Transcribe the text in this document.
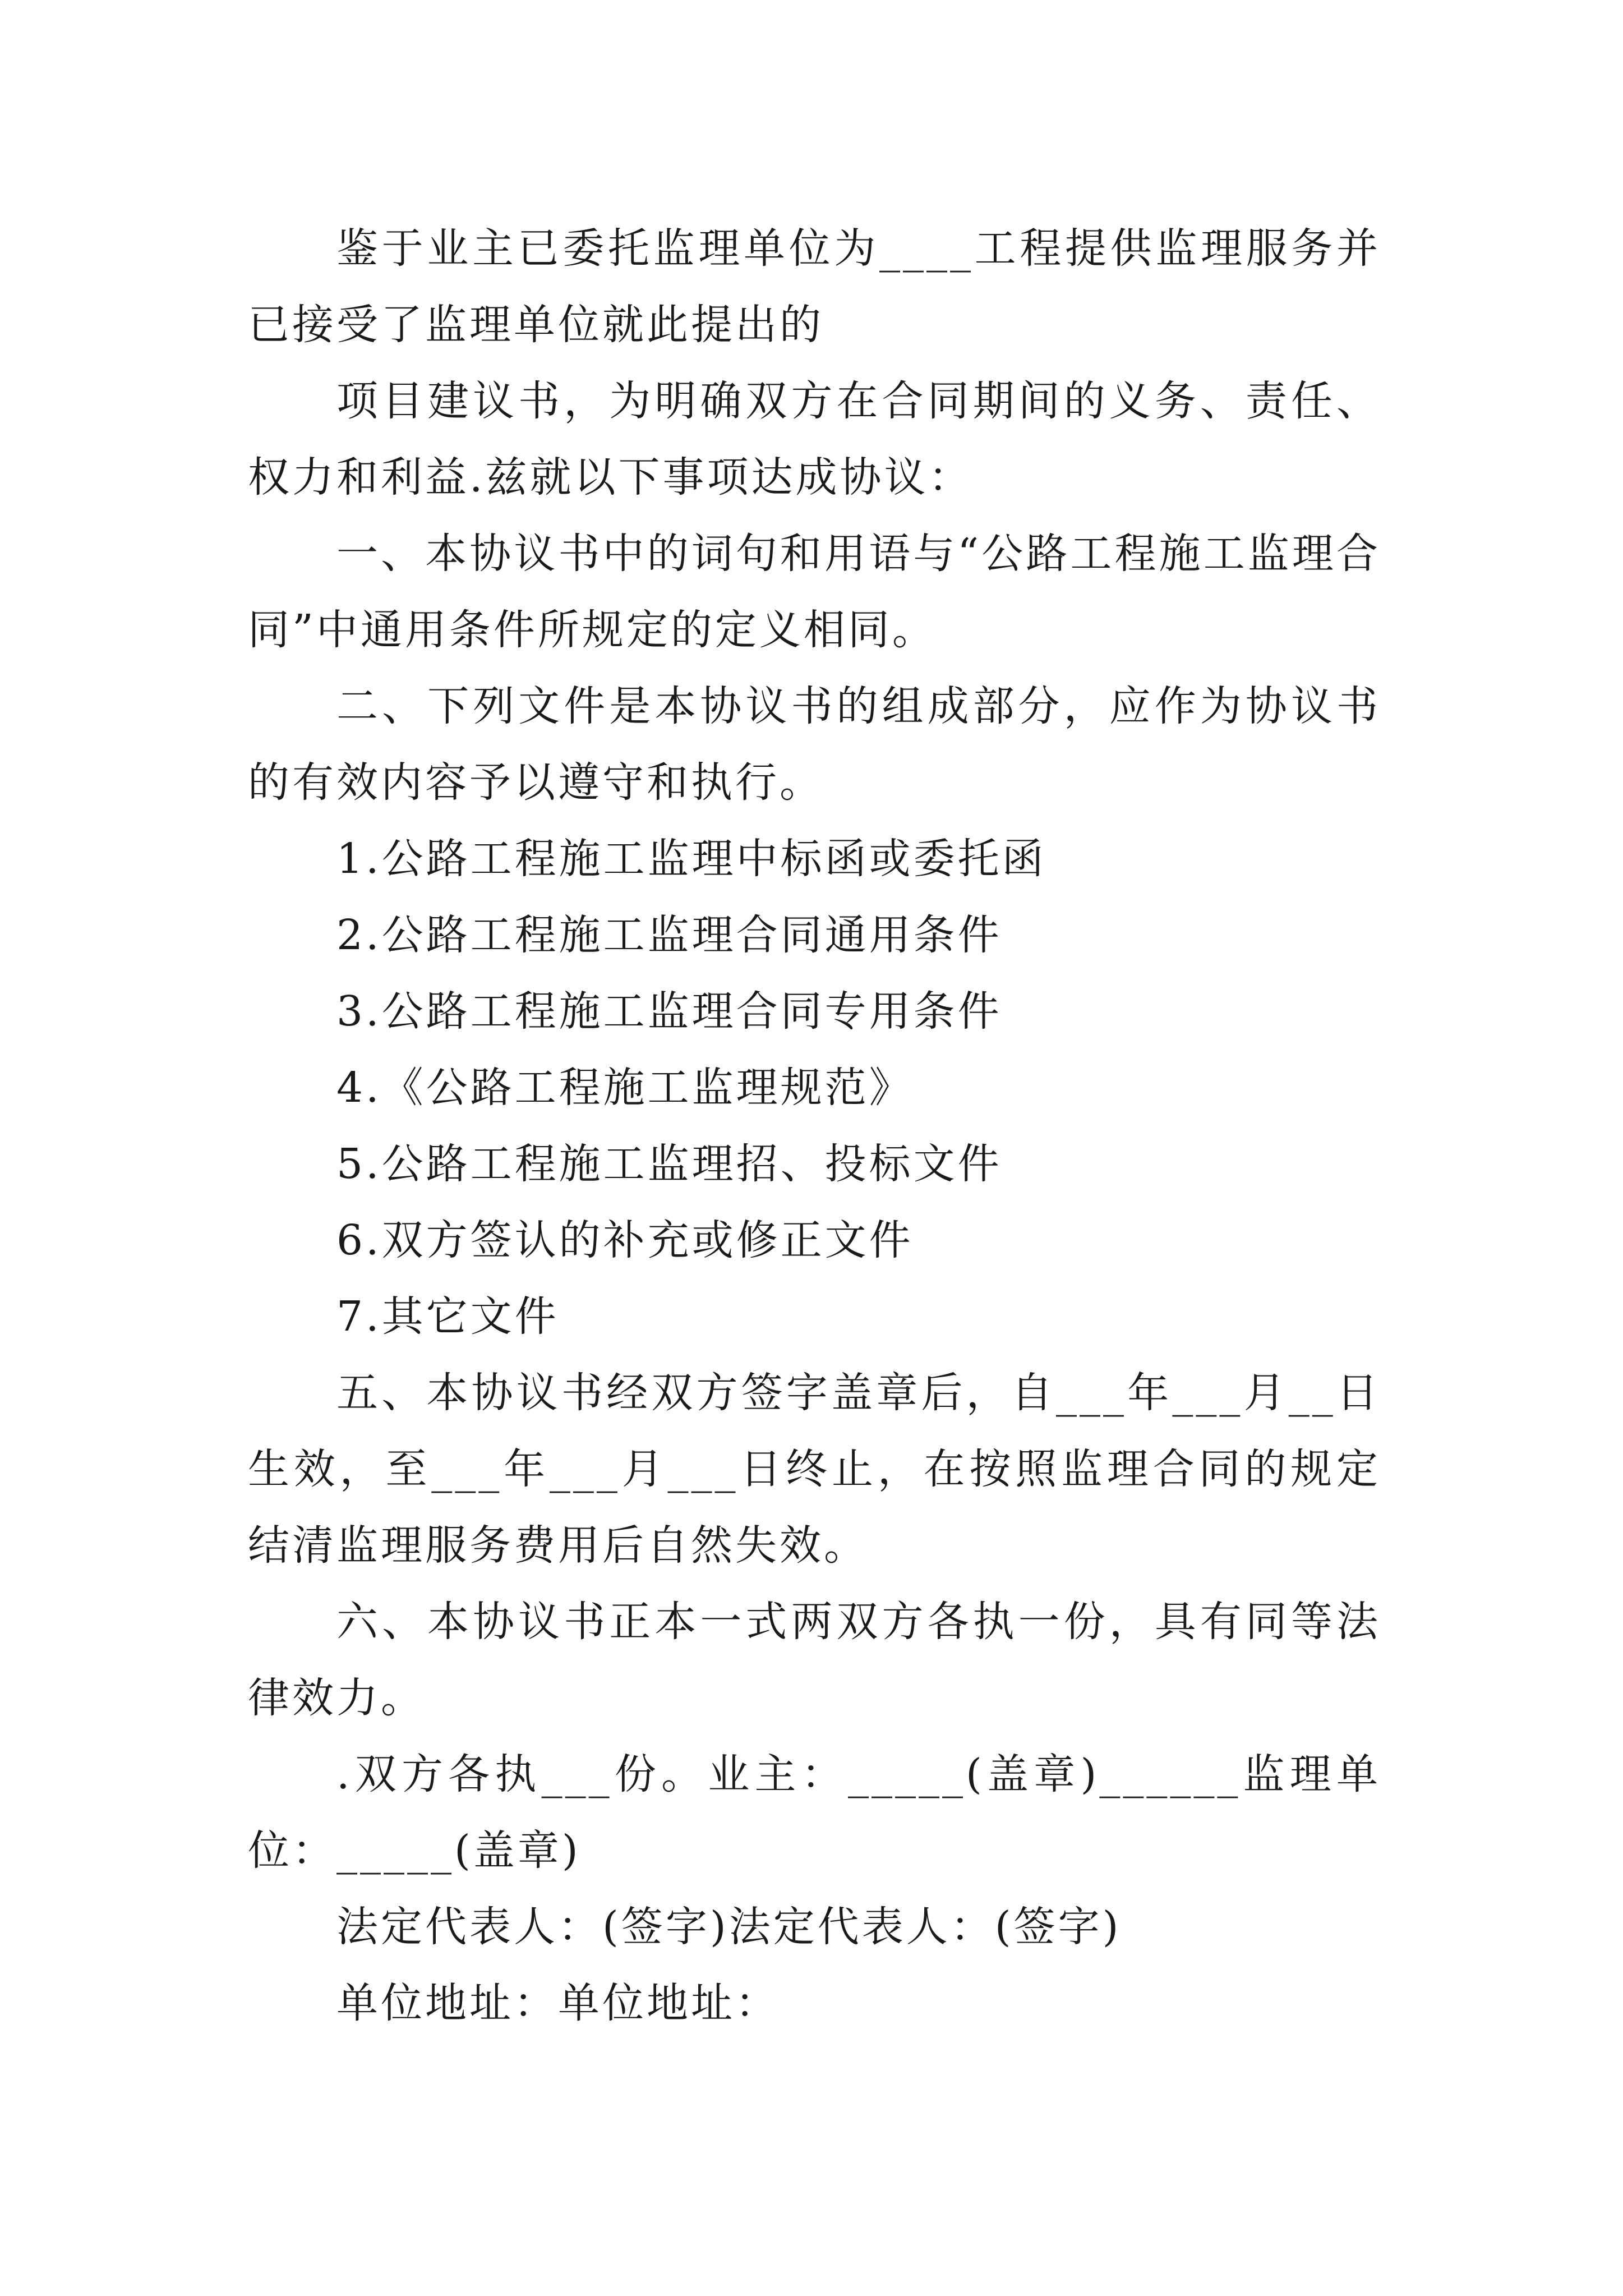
鉴于业主已委托监理单位为____工程提供监理服务并已接受了监理单位就此提出的

项目建议书，为明确双方在合同期间的义务、责任、权力和利益.兹就以下事项达成协议：

一、本协议书中的词句和用语与“公路工程施工监理合同”中通用条件所规定的定义相同。

二、下列文件是本协议书的组成部分，应作为协议书的有效内容予以遵守和执行。

1.公路工程施工监理中标函或委托函

2.公路工程施工监理合同通用条件

3.公路工程施工监理合同专用条件

4.《公路工程施工监理规范》

5.公路工程施工监理招、投标文件

6.双方签认的补充或修正文件

7.其它文件

五、本协议书经双方签字盖章后，自___年___月__日生效，至___年___月___日终止，在按照监理合同的规定结清监理服务费用后自然失效。

六、本协议书正本一式两双方各执一份，具有同等法律效力。

.双方各执___份。业主：_____(盖章)______监理单位：_____(盖章)

法定代表人：(签字)法定代表人：(签字)

单位地址：单位地址：
